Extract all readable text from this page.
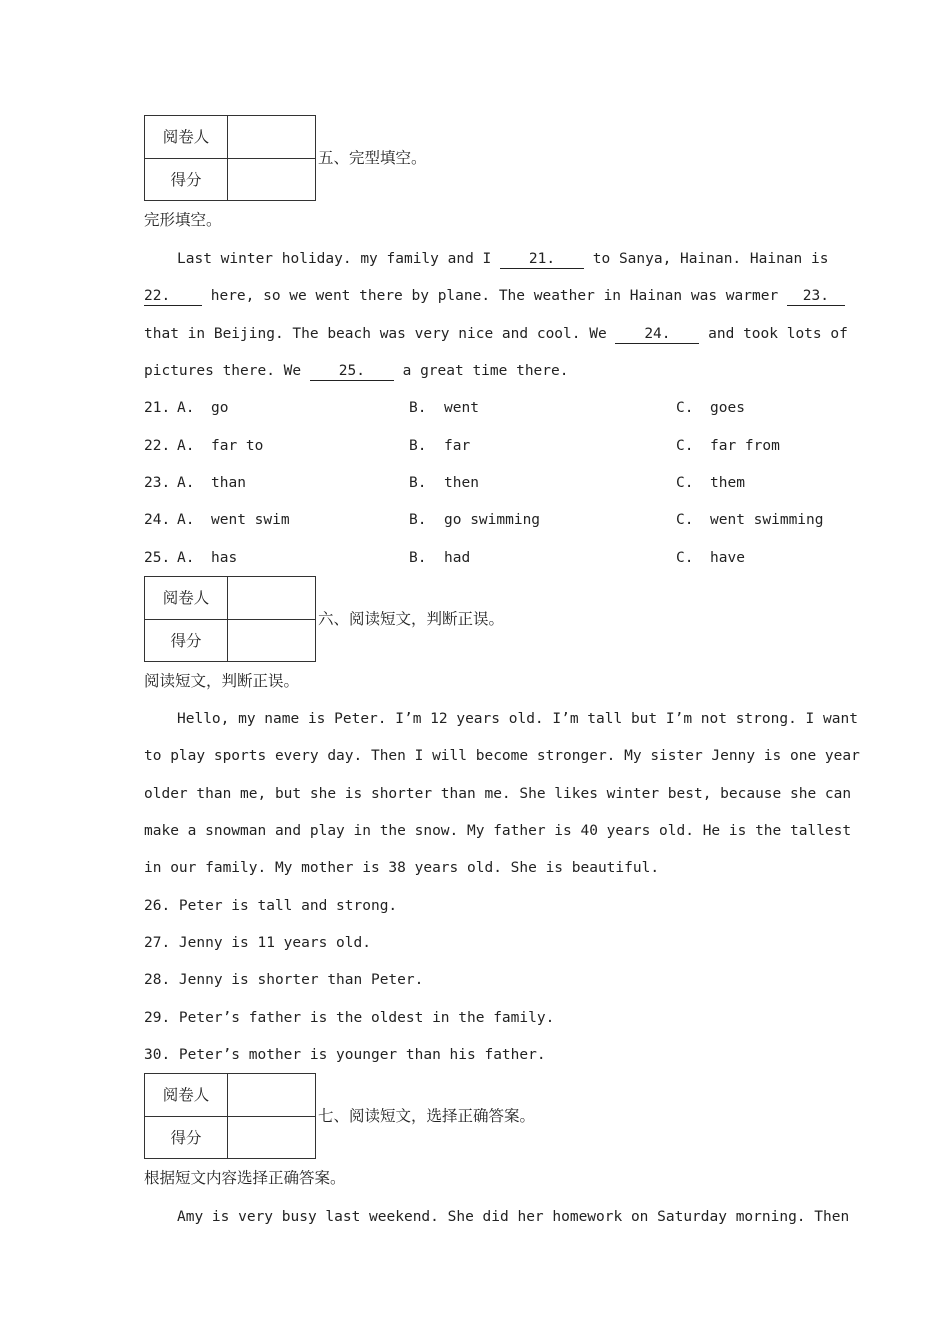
阅卷人
得分
五、完型填空。
完形填空。
Last winter holiday. my family and I	21.	to Sanya, Hainan. Hainan is
22.	here, so we went there by plane. The weather in Hainan was warmer 23.
that in Beijing. The beach was very nice and cool. We	24.	and took lots of
pictures there. We	25.	a great time there.
21. A. go	B. went	C. goes
22. A. far to	B. far	C. far from
23. A. than	B. then	C. them
24. A. went swim	B. go swimming	C. went swimming
25. A. has	B. had	C. have
阅卷人
得分
六、阅读短文，判断正误。
阅读短文，判断正误。
Hello, my name is Peter. I’m 12 years old. I’m tall but I’m not strong. I want
to play sports every day. Then I will become stronger. My sister Jenny is one year
older than me, but she is shorter than me. She likes winter best, because she can
make a snowman and play in the snow. My father is 40 years old. He is the tallest
in our family. My mother is 38 years old. She is beautiful.
26. Peter is tall and strong.
27. Jenny is 11 years old.
28. Jenny is shorter than Peter.
29. Peter’s father is the oldest in the family.
30. Peter’s mother is younger than his father.
阅卷人
得分
七、阅读短文，选择正确答案。
根据短文内容选择正确答案。
Amy is very busy last weekend. She did her homework on Saturday morning. Then
